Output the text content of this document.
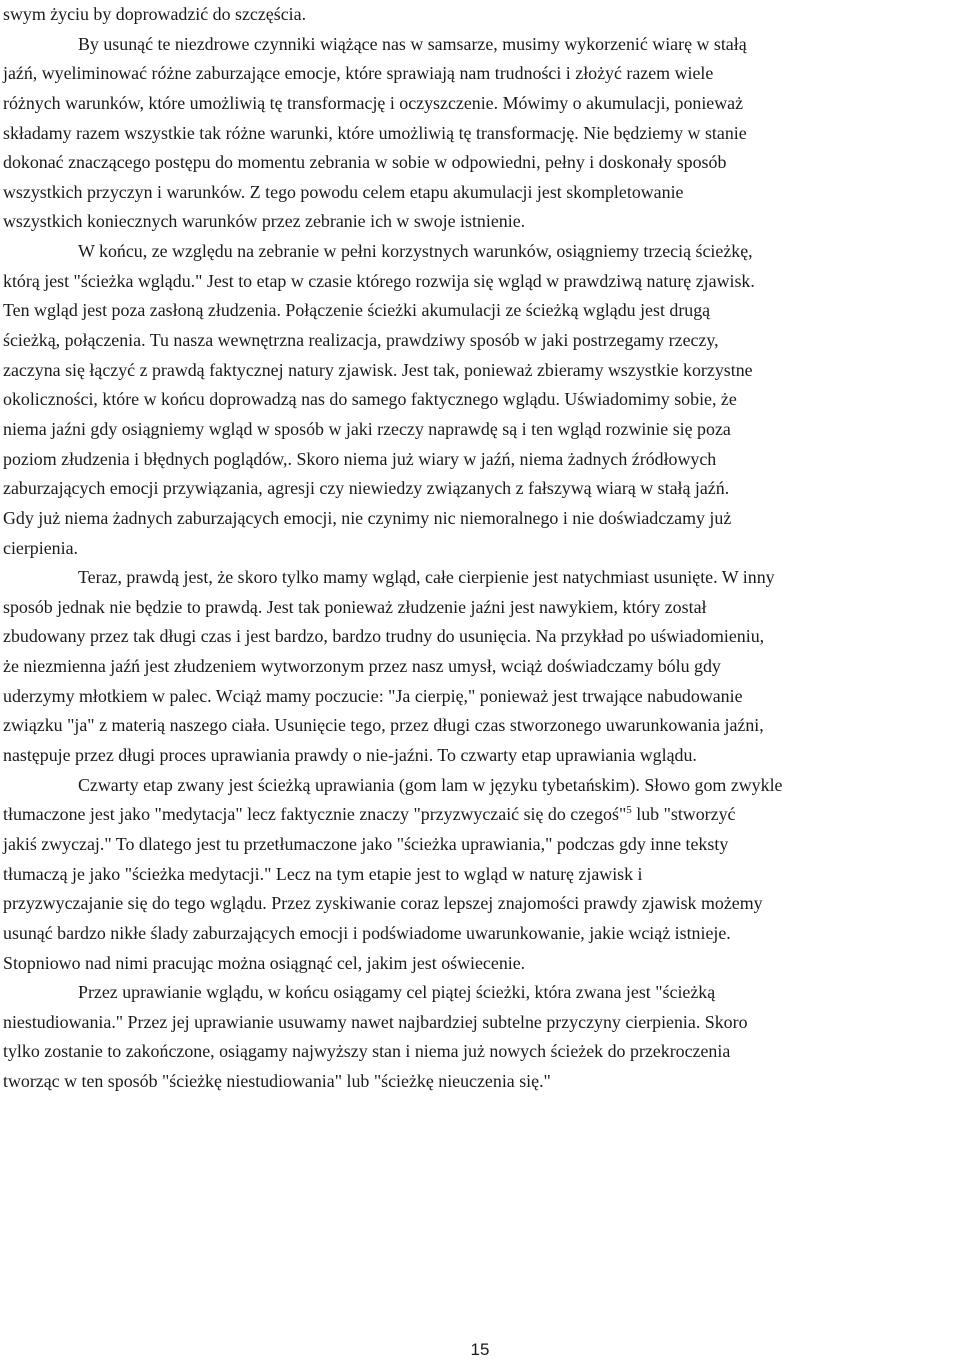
swym życiu by doprowadzić do szczęścia.
By usunąć te niezdrowe czynniki wiążące nas w samsarze, musimy wykorzenić wiarę w stałą
jaźń, wyeliminować różne zaburzające emocje, które sprawiają nam trudności i złożyć razem wiele
różnych warunków, które umożliwią tę transformację i oczyszczenie. Mówimy o akumulacji, ponieważ
składamy razem wszystkie tak różne warunki, które umożliwią tę transformację. Nie będziemy w stanie
dokonać znaczącego postępu do momentu zebrania w sobie w odpowiedni, pełny i doskonały sposób
wszystkich przyczyn i warunków. Z tego powodu celem etapu akumulacji jest skompletowanie
wszystkich koniecznych warunków przez zebranie ich w swoje istnienie.
W końcu, ze względu na zebranie w pełni korzystnych warunków, osiągniemy trzecią ścieżkę,
którą jest "ścieżka wglądu." Jest to etap w czasie którego rozwija się wgląd w prawdziwą naturę zjawisk.
Ten wgląd jest poza zasłoną złudzenia. Połączenie ścieżki akumulacji ze ścieżką wglądu jest drugą
ścieżką, połączenia. Tu nasza wewnętrzna realizacja, prawdziwy sposób w jaki postrzegamy rzeczy,
zaczyna się łączyć z prawdą faktycznej natury zjawisk. Jest tak, ponieważ zbieramy wszystkie korzystne
okoliczności, które w końcu doprowadzą nas do samego faktycznego wglądu. Uświadomimy sobie, że
niema jaźni gdy osiągniemy wgląd w sposób w jaki rzeczy naprawdę są i ten wgląd rozwinie się poza
poziom złudzenia i błędnych poglądów,. Skoro niema już wiary w jaźń, niema żadnych źródłowych
zaburzających emocji przywiązania, agresji czy niewiedzy związanych z fałszywą wiarą w stałą jaźń.
Gdy już niema żadnych zaburzających emocji, nie czynimy nic niemoralnego i nie doświadczamy już
cierpienia.
Teraz, prawdą jest, że skoro tylko mamy wgląd, całe cierpienie jest natychmiast usunięte. W inny
sposób jednak nie będzie to prawdą. Jest tak ponieważ złudzenie jaźni jest nawykiem, który został
zbudowany przez tak długi czas i jest bardzo, bardzo trudny do usunięcia. Na przykład po uświadomieniu,
że niezmienna jaźń jest złudzeniem wytworzonym przez nasz umysł, wciąż doświadczamy bólu gdy
uderzymy młotkiem w palec. Wciąż mamy poczucie: "Ja cierpię," ponieważ jest trwające nabudowanie
związku "ja" z materią naszego ciała. Usunięcie tego, przez długi czas stworzonego uwarunkowania jaźni,
następuje przez długi proces uprawiania prawdy o nie-jaźni. To czwarty etap uprawiania wglądu.
Czwarty etap zwany jest ścieżką uprawiania (gom lam w języku tybetańskim). Słowo gom zwykle
tłumaczone jest jako "medytacja" lecz faktycznie znaczy "przyzwyczaić się do czegoś"$^5$ lub "stworzyć
jakiś zwyczaj." To dlatego jest tu przetłumaczone jako "ścieżka uprawiania," podczas gdy inne teksty
tłumaczą je jako "ścieżka medytacji." Lecz na tym etapie jest to wgląd w naturę zjawisk i
przyzwyczajanie się do tego wglądu. Przez zyskiwanie coraz lepszej znajomości prawdy zjawisk możemy
usunąć bardzo nikłe ślady zaburzających emocji i podświadome uwarunkowanie, jakie wciąż istnieje.
Stopniowo nad nimi pracując można osiągnąć cel, jakim jest oświecenie.
Przez uprawianie wglądu, w końcu osiągamy cel piątej ścieżki, która zwana jest "ścieżką
niestudiowania." Przez jej uprawianie usuwamy nawet najbardziej subtelne przyczyny cierpienia. Skoro
tylko zostanie to zakończone, osiągamy najwyższy stan i niema już nowych ścieżek do przekroczenia
tworząc w ten sposób "ścieżkę niestudiowania" lub "ścieżkę nieuczenia się."
15
